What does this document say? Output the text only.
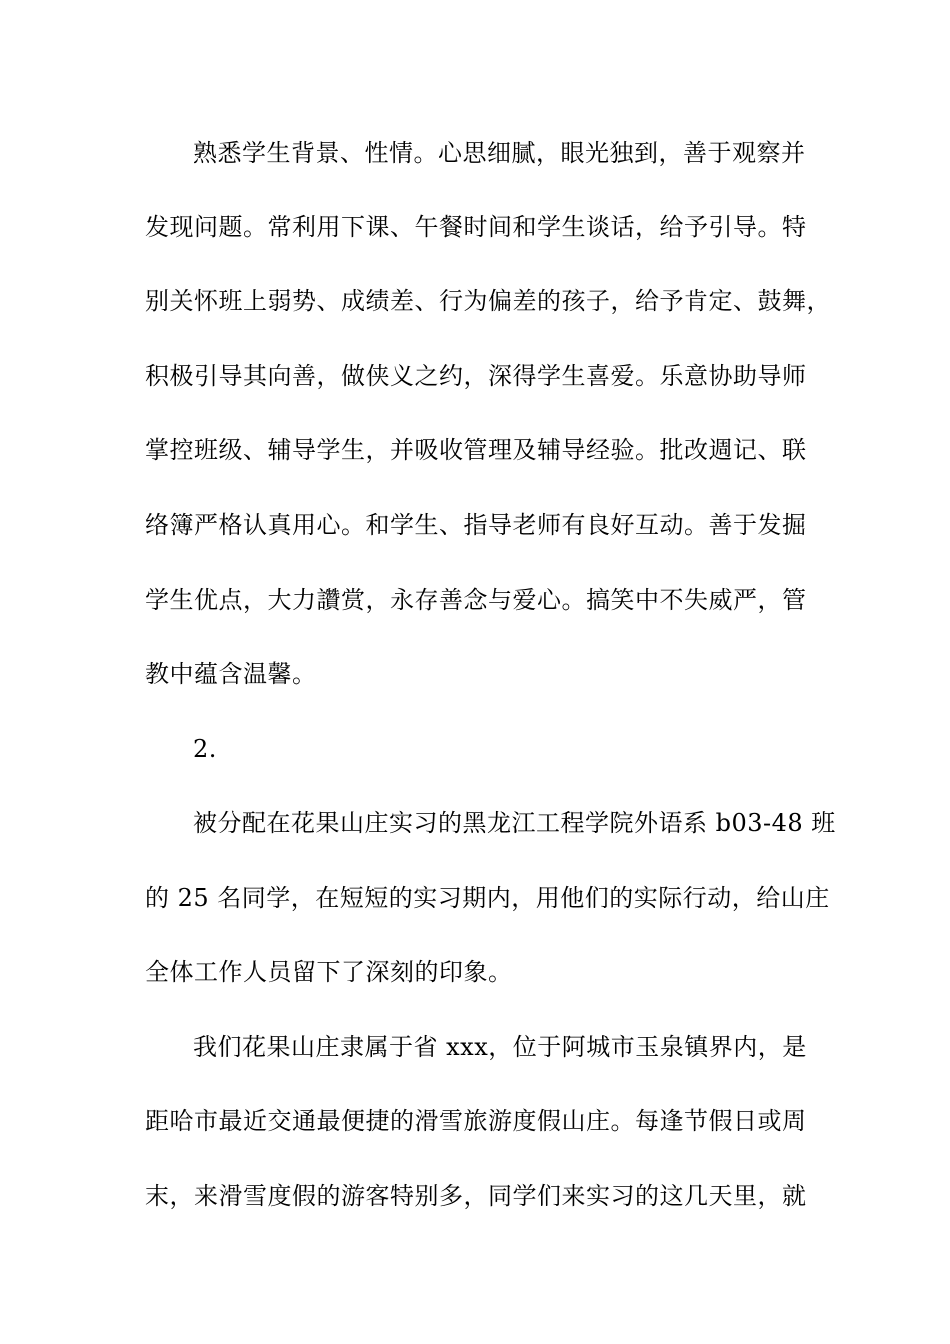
熟悉学生背景、性情。心思细腻，眼光独到，善于观察并
发现问题。常利用下课、午餐时间和学生谈话，给予引导。特
别关怀班上弱势、成绩差、行为偏差的孩子，给予肯定、鼓舞，
积极引导其向善，做侠义之约，深得学生喜爱。乐意协助导师
掌控班级、辅导学生，并吸收管理及辅导经验。批改週记、联
络簿严格认真用心。和学生、指导老师有良好互动。善于发掘
学生优点，大力讚赏，永存善念与爱心。搞笑中不失威严，管
教中蕴含温馨。
2.
被分配在花果山庄实习的黑龙江工程学院外语系 b03-48 班
的 25 名同学，在短短的实习期内，用他们的实际行动，给山庄
全体工作人员留下了深刻的印象。
我们花果山庄隶属于省 xxx，位于阿城市玉泉镇界内，是
距哈市最近交通最便捷的滑雪旅游度假山庄。每逢节假日或周
末，来滑雪度假的游客特别多，同学们来实习的这几天里，就
